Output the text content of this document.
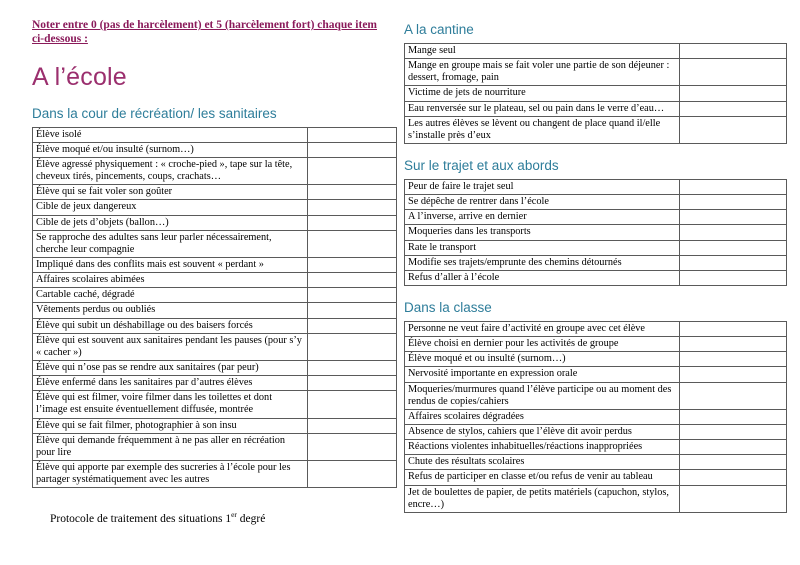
Noter entre 0 (pas de harcèlement) et 5 (harcèlement fort) chaque item ci-dessous :
A l’école
Dans la cour de récréation/ les sanitaires
Élève isolé	
Élève moqué et/ou insulté (surnom…)	
Élève agressé physiquement : « croche-pied », tape sur la tête, cheveux tirés, pincements, coups, crachats…	
Élève qui se fait voler son goûter	
Cible de jeux dangereux	
Cible de jets d’objets (ballon…)	
Se rapproche des adultes sans leur parler nécessairement, cherche leur compagnie	
Impliqué dans des conflits mais est souvent « perdant »	
Affaires scolaires abimées	
Cartable caché, dégradé	
Vêtements perdus ou oubliés	
Élève qui subit un déshabillage ou des baisers forcés	
Élève qui est souvent aux sanitaires pendant les pauses (pour s’y « cacher »)	
Élève qui n’ose pas se rendre aux sanitaires (par peur)	
Élève enfermé dans les sanitaires par d’autres élèves	
Élève qui est filmer, voire filmer dans les toilettes et dont l’image est ensuite éventuellement diffusée, montrée	
Élève qui se fait filmer, photographier à son insu	
Élève qui demande fréquemment à ne pas aller en récréation pour lire	
Élève qui apporte par exemple des sucreries à l’école pour les partager systématiquement avec les autres	
Protocole de traitement des situations 1er degré
A la cantine
Mange seul	
Mange en groupe mais se fait voler une partie de son déjeuner : dessert, fromage, pain	
Victime de jets de nourriture	
Eau renversée sur le plateau, sel ou pain dans le verre d’eau…	
Les autres élèves se lèvent ou changent de place quand il/elle s’installe près d’eux	
Sur le trajet et aux abords
Peur de faire le trajet seul	
Se dépêche de rentrer dans l’école	
A l’inverse, arrive en dernier	
Moqueries dans les transports	
Rate le transport	
Modifie ses trajets/emprunte des chemins détournés	
Refus d’aller à l’école	
Dans la classe
Personne ne veut faire d’activité en groupe avec cet élève	
Élève choisi en dernier pour les activités de groupe	
Élève moqué et ou insulté (surnom…)	
Nervosité importante en expression orale	
Moqueries/murmures quand l’élève participe ou au moment des rendus de copies/cahiers	
Affaires scolaires dégradées	
Absence de stylos, cahiers que l’élève dit avoir perdus	
Réactions violentes inhabituelles/réactions inappropriées	
Chute des résultats scolaires	
Refus de participer en classe et/ou refus de venir au tableau	
Jet de boulettes de papier, de petits matériels (capuchon, stylos, encre…)	
